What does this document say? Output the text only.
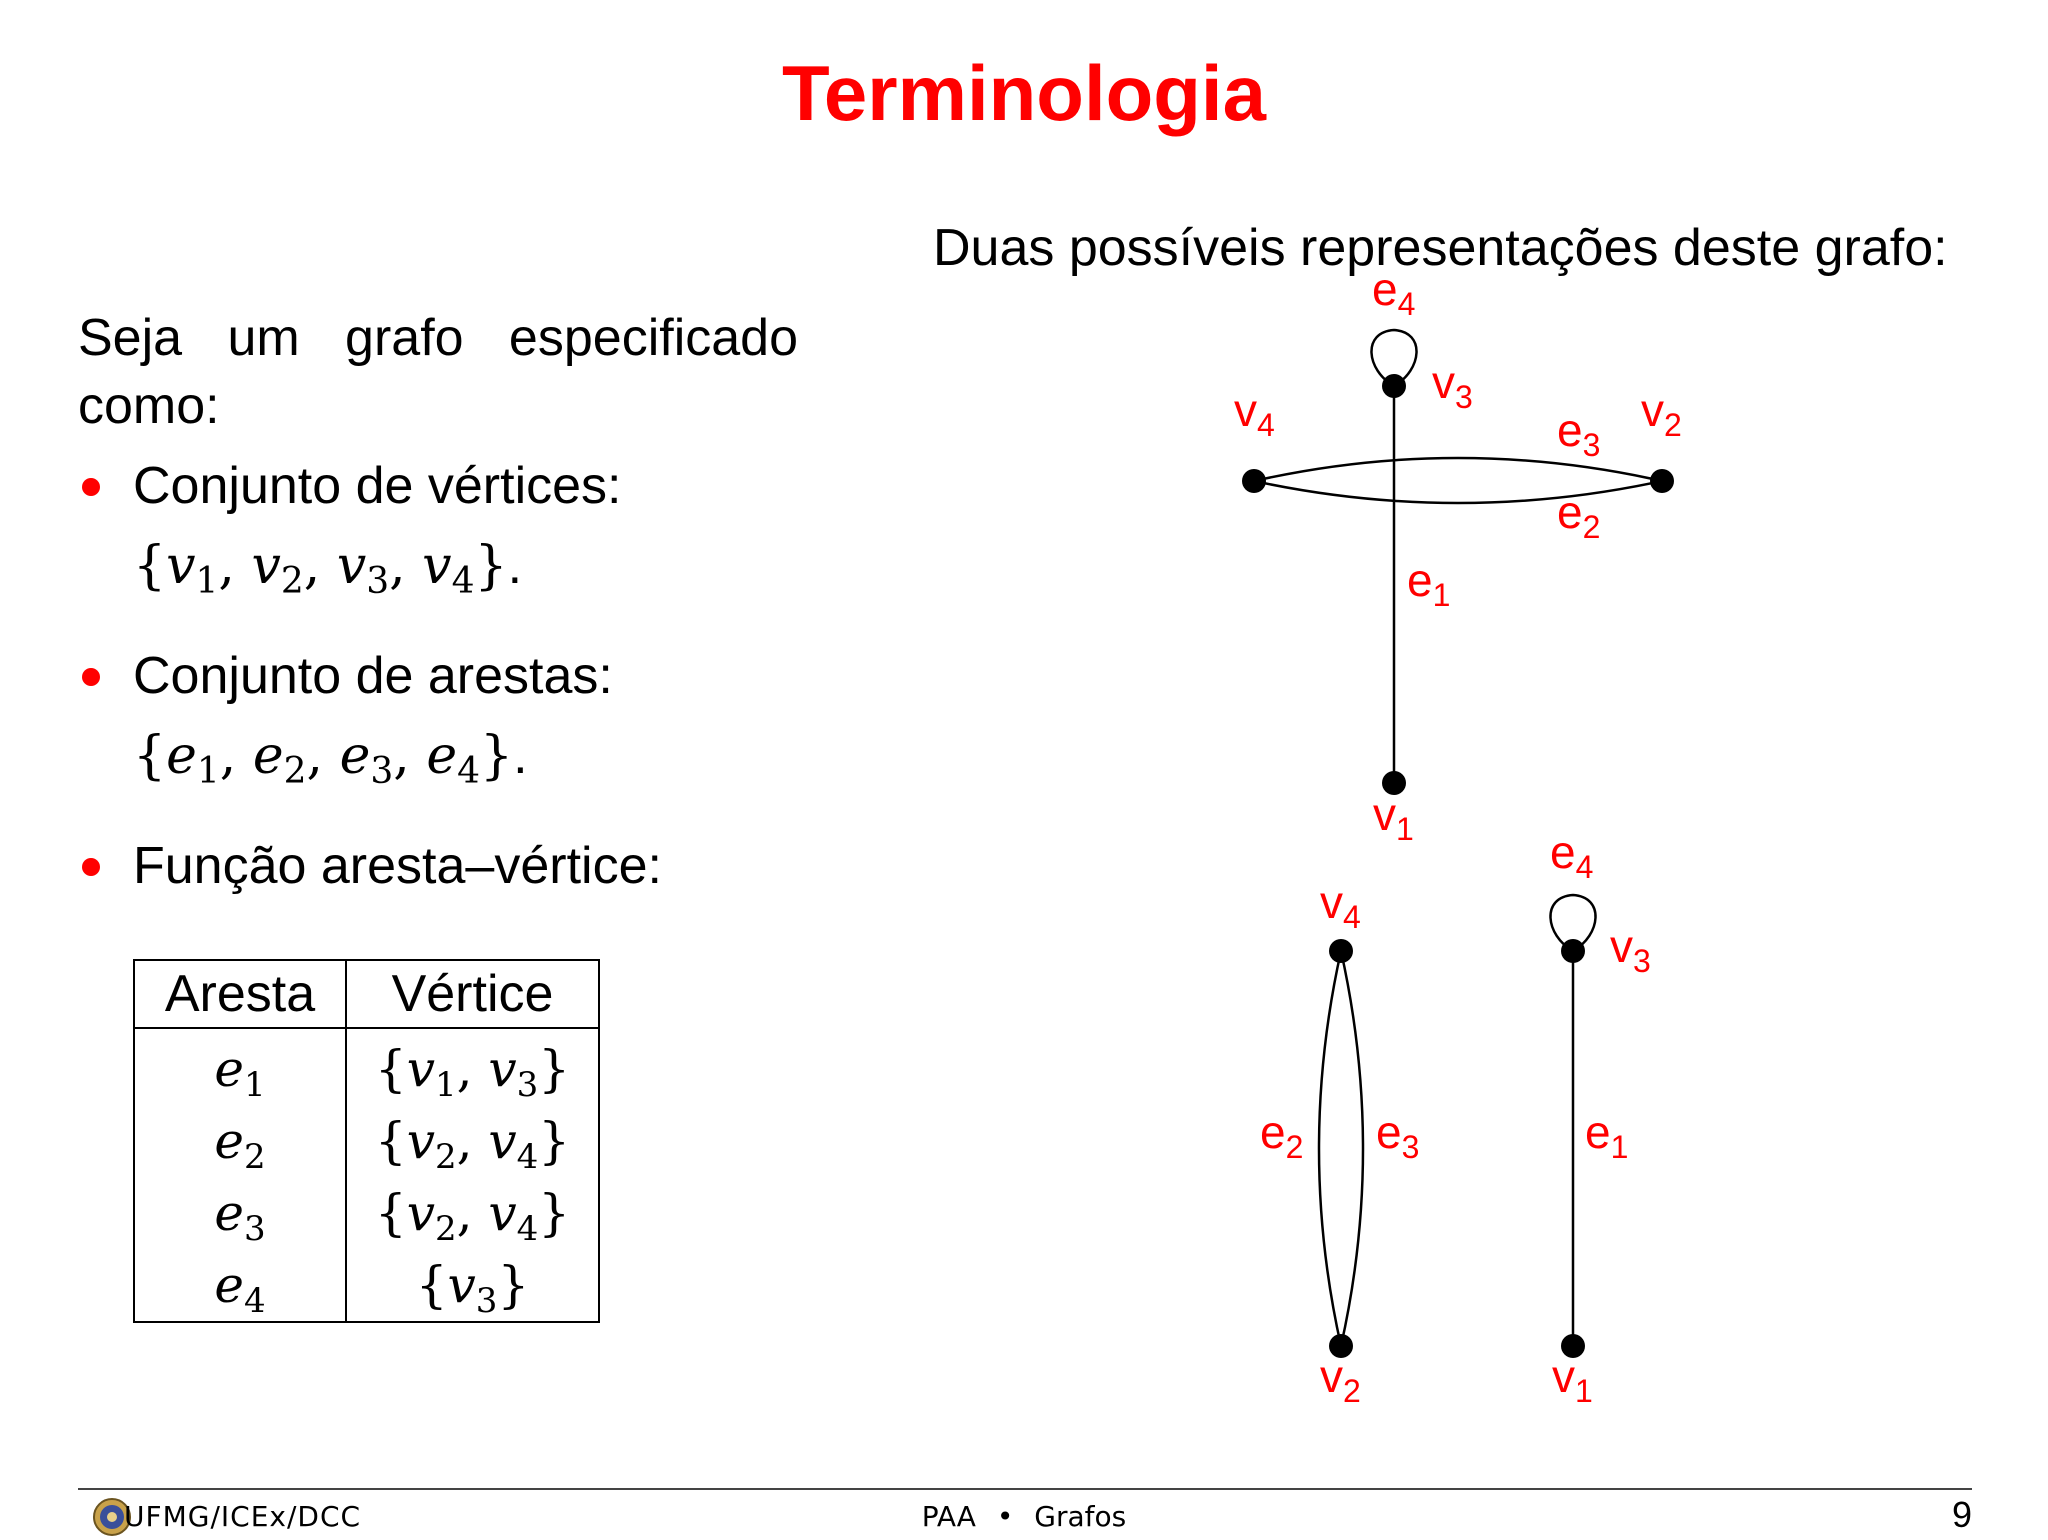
Terminologia
Duas possíveis representações deste grafo:
Seja um grafo especificado
como:
Conjunto de vértices:
{$v_1$, $v_2$, $v_3$, $v_4$}.
Conjunto de arestas:
{$e_1$, $e_2$, $e_3$, $e_4$}.
Função aresta–vértice:
Aresta	Vértice
$e_1$	{$v_1$, $v_3$}
$e_2$	{$v_2$, $v_4$}
$e_3$	{$v_2$, $v_4$}
$e_4$	$\{v_3\}$
$e_4$
$v_3$
$v_4$	$v_2$
$e_3$
$e_2$
$e_1$
$v_1$
$v_4$
$e_2$ $e_3$
$v_2$
$e_4$
$v_3$
$e_1$
$v_1$
UFMG/ICEx/DCC	PAA • Grafos	9
